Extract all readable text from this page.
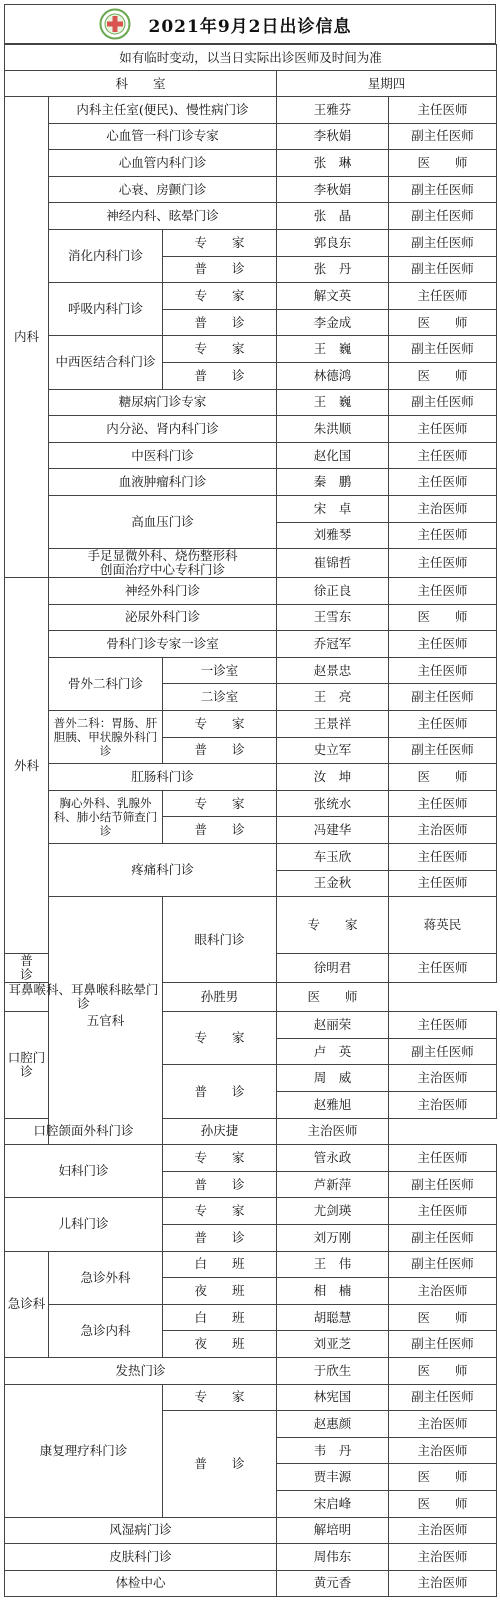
2021年9月2日出诊信息
如有临时变动，以当日实际出诊医师及时间为准					
科　　室			星期四		
内科	内科主任室(便民)、慢性病门诊		王雅芬	主任医师	
	心血管一科门诊专家		李秋娟	副主任医师	
	心血管内科门诊		张　琳	医　　师	
	心衰、房颤门诊		李秋娟	副主任医师	
	神经内科、眩晕门诊		张　晶	副主任医师	
	消化内科门诊	专　　家	郭良东	副主任医师	
		普　　诊	张　丹	副主任医师	
	呼吸内科门诊	专　　家	解文英	主任医师	
		普　　诊	李金成	医　　师	
	中西医结合科门诊	专　　家	王　巍	副主任医师	
		普　　诊	林德鸿	医　　师	
	糖尿病门诊专家		王　巍	副主任医师	
	内分泌、肾内科门诊		朱洪顺	主任医师	
	中医科门诊		赵化国	主任医师	
	血液肿瘤科门诊		秦　鹏	主任医师	
	高血压门诊		宋　卓	主治医师	
			刘雅琴	主任医师	
	手足显微外科、烧伤整形科
创面治疗中心专科门诊		崔锦哲	主任医师	
外科	神经外科门诊		徐正良	主任医师	
	泌尿外科门诊		王雪东	医　　师	
	骨科门诊专家一诊室		乔冠军	主任医师	
	骨外二科门诊	一诊室	赵景忠	主任医师	
		二诊室	王　亮	副主任医师	
	普外二科：胃肠、肝胆胰、甲状腺外科门诊	专　　家	王景祥	主任医师	
		普　　诊	史立军	副主任医师	
	肛肠科门诊		汝　坤	医　　师	
	胸心外科、乳腺外科、肺小结节筛查门诊	专　　家	张统水	主任医师	
		普　　诊	冯建华	主治医师	
	疼痛科门诊		车玉欣	主任医师	
			王金秋	主任医师	
	五官科	眼科门诊	专　　家	蒋英民	
普　　诊			徐明君	主任医师	
耳鼻喉科、耳鼻喉科眩晕门诊		孙胜男	医　　师		
口腔门诊		专　　家	赵丽荣	主任医师	
			卢　英	副主任医师	
		普　　诊	周　威	主治医师	
			赵雅旭	主治医师	
口腔颌面外科门诊		孙庆捷	主治医师		
妇科门诊		专　　家	管永政	主任医师	
		普　　诊	芦新萍	副主任医师	
儿科门诊		专　　家	尤剑瑛	主任医师	
		普　　诊	刘万刚	副主任医师	
急诊科	急诊外科	白　　班	王　伟	副主任医师	
		夜　　班	相　楠	主治医师	
	急诊内科	白　　班	胡聪慧	医　　师	
		夜　　班	刘亚芝	副主任医师	
发热门诊			于欣生	医　　师	
康复理疗科门诊		专　　家	林宪国	副主任医师	
		普　　诊	赵惠颜	主治医师	
			韦　丹	主治医师	
			贾丰源	医　　师	
			宋启峰	医　　师	
风湿病门诊			解培明	主治医师	
皮肤科门诊			周伟东	主治医师	
体检中心			黄元香	主治医师	
